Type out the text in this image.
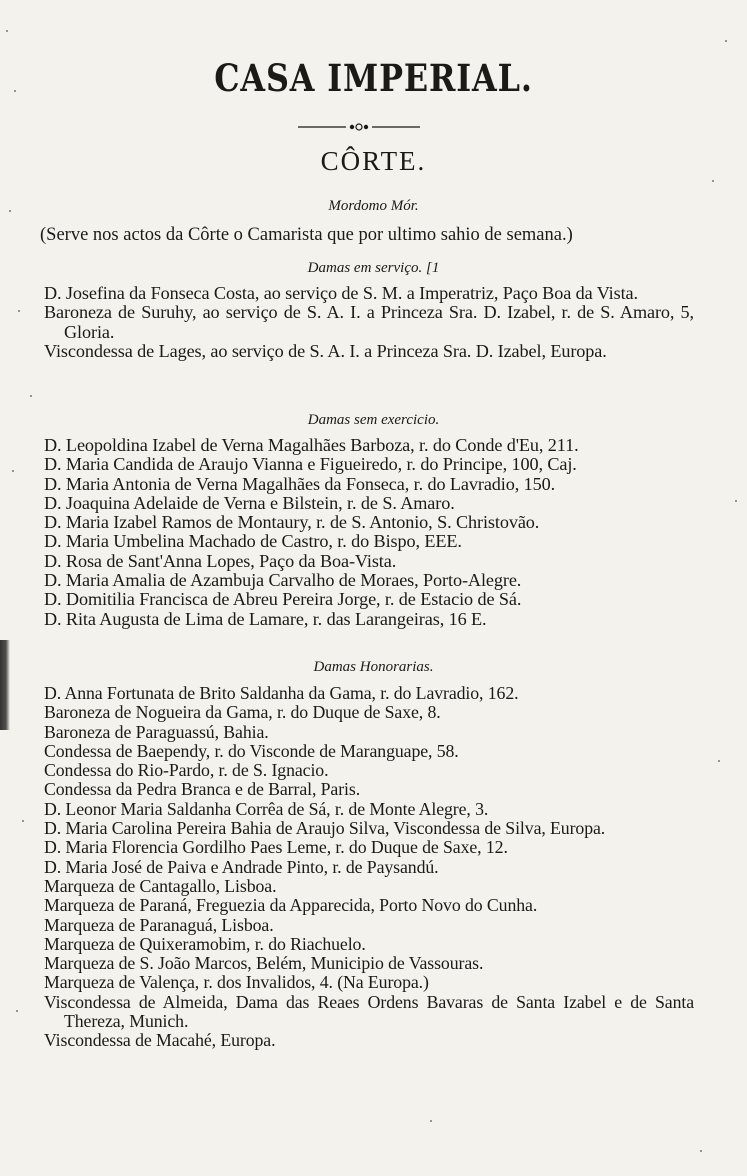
CASA IMPERIAL.
CÔRTE.
Mordomo Mór.
(Serve nos actos da Côrte o Camarista que por ultimo sahio de semana.)
Damas em serviço. [1
D. Josefina da Fonseca Costa, ao serviço de S. M. a Imperatriz, Paço Boa da Vista.
Baroneza de Suruhy, ao serviço de S. A. I. a Princeza Sra. D. Izabel, r. de S. Amaro, 5, Gloria.
Viscondessa de Lages, ao serviço de S. A. I. a Princeza Sra. D. Izabel, Europa.
Damas sem exercicio.
D. Leopoldina Izabel de Verna Magalhães Barboza, r. do Conde d'Eu, 211.
D. Maria Candida de Araujo Vianna e Figueiredo, r. do Principe, 100, Caj.
D. Maria Antonia de Verna Magalhães da Fonseca, r. do Lavradio, 150.
D. Joaquina Adelaide de Verna e Bilstein, r. de S. Amaro.
D. Maria Izabel Ramos de Montaury, r. de S. Antonio, S. Christovão.
D. Maria Umbelina Machado de Castro, r. do Bispo, EEE.
D. Rosa de Sant'Anna Lopes, Paço da Boa-Vista.
D. Maria Amalia de Azambuja Carvalho de Moraes, Porto-Alegre.
D. Domitilia Francisca de Abreu Pereira Jorge, r. de Estacio de Sá.
D. Rita Augusta de Lima de Lamare, r. das Larangeiras, 16 E.
Damas Honorarias.
D. Anna Fortunata de Brito Saldanha da Gama, r. do Lavradio, 162.
Baroneza de Nogueira da Gama, r. do Duque de Saxe, 8.
Baroneza de Paraguassú, Bahia.
Condessa de Baependy, r. do Visconde de Maranguape, 58.
Condessa do Rio-Pardo, r. de S. Ignacio.
Condessa da Pedra Branca e de Barral, Paris.
D. Leonor Maria Saldanha Corrêa de Sá, r. de Monte Alegre, 3.
D. Maria Carolina Pereira Bahia de Araujo Silva, Viscondessa de Silva, Europa.
D. Maria Florencia Gordilho Paes Leme, r. do Duque de Saxe, 12.
D. Maria José de Paiva e Andrade Pinto, r. de Paysandú.
Marqueza de Cantagallo, Lisboa.
Marqueza de Paraná, Freguezia da Apparecida, Porto Novo do Cunha.
Marqueza de Paranaguá, Lisboa.
Marqueza de Quixeramobim, r. do Riachuelo.
Marqueza de S. João Marcos, Belém, Municipio de Vassouras.
Marqueza de Valença, r. dos Invalidos, 4. (Na Europa.)
Viscondessa de Almeida, Dama das Reaes Ordens Bavaras de Santa Izabel e de Santa Thereza, Munich.
Viscondessa de Macahé, Europa.
